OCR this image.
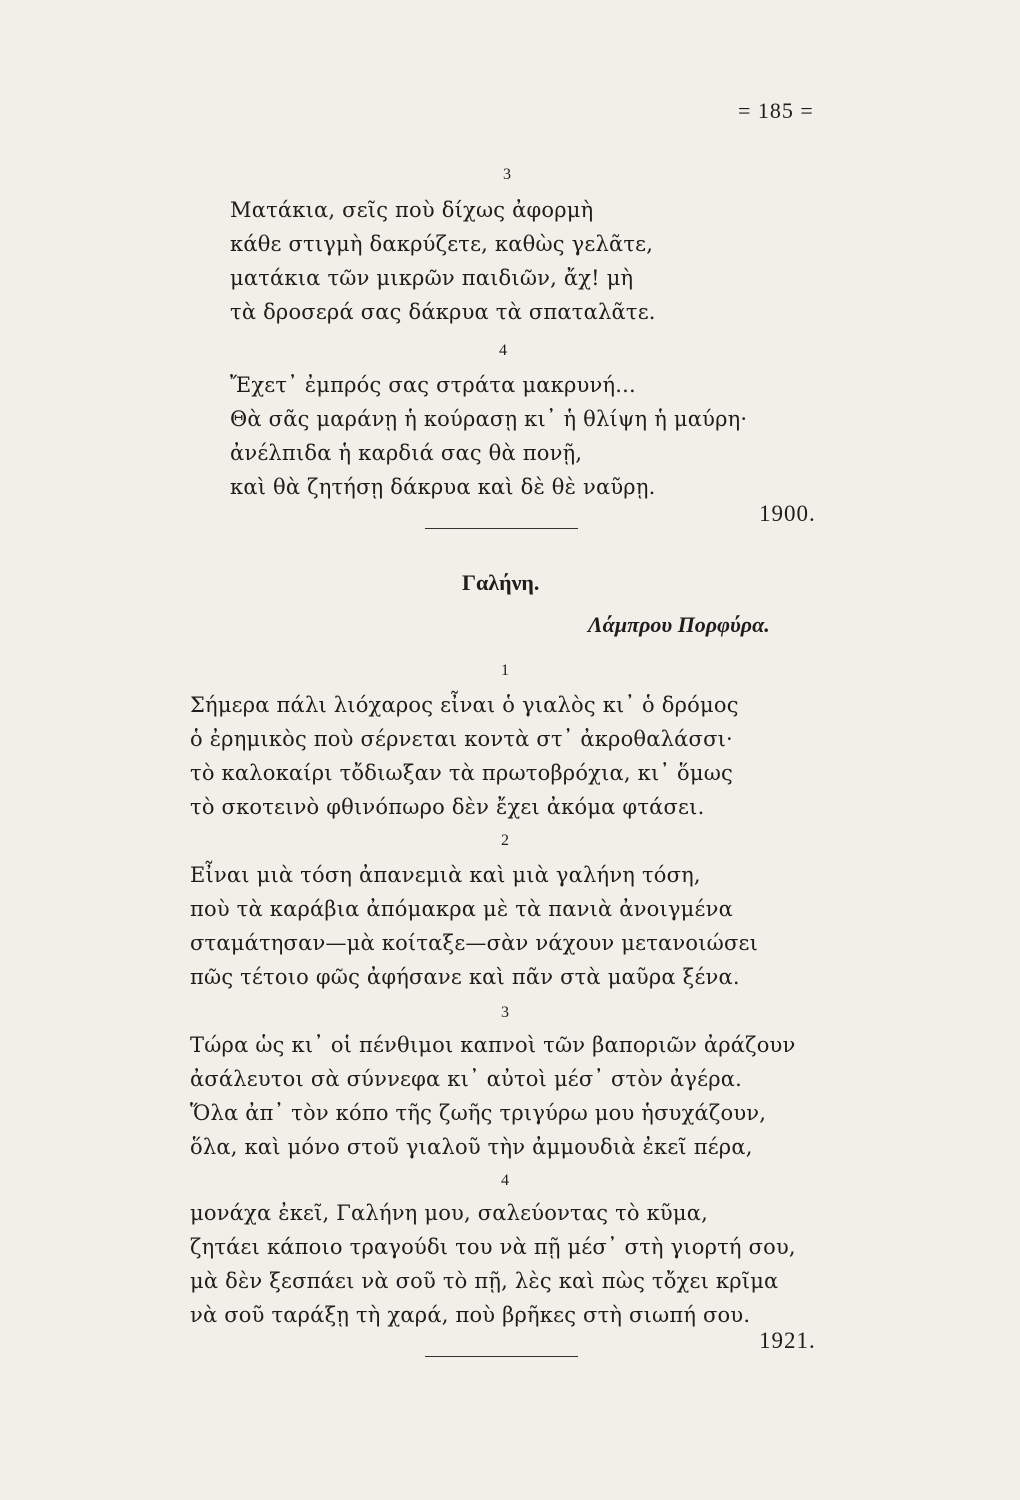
= 185 =
3
Ματάκια, σεῖς ποὺ δίχως ἀφορμὴ
κάθε στιγμὴ δακρύζετε, καθὼς γελᾶτε,
ματάκια τῶν μικρῶν παιδιῶν, ἄχ! μὴ
τὰ δροσερά σας δάκρυα τὰ σπαταλᾶτε.
4
Ἔχετ᾿ ἐμπρός σας στράτα μακρυνή...
Θὰ σᾶς μαράνῃ ἡ κούρασῃ κι᾿ ἡ θλίψη ἡ μαύρη·
ἀνέλπιδα ἡ καρδιά σας θὰ πονῇ,
καὶ θὰ ζητήσῃ δάκρυα καὶ δὲ θὲ ναῦρῃ.
1900.
Γαλήνη.
Λάμπρου Πορφύρα.
1
Σήμερα πάλι λιόχαρος εἶναι ὁ γιαλὸς κι᾿ ὁ δρόμος
ὁ ἐρημικὸς ποὺ σέρνεται κοντὰ στ᾿ ἀκροθαλάσσι·
τὸ καλοκαίρι τὄδιωξαν τὰ πρωτοβρόχια, κι᾿ ὅμως
τὸ σκοτεινὸ φθινόπωρο δὲν ἔχει ἀκόμα φτάσει.
2
Εἶναι μιὰ τόση ἀπανεμιὰ καὶ μιὰ γαλήνη τόση,
ποὺ τὰ καράβια ἀπόμακρα μὲ τὰ πανιὰ ἀνοιγμένα
σταμάτησαν—μὰ κοίταξε—σὰν νάχουν μετανοιώσει
πῶς τέτοιο φῶς ἀφήσανε καὶ πᾶν στὰ μαῦρα ξένα.
3
Τώρα ὡς κι᾿ οἱ πένθιμοι καπνοὶ τῶν βαποριῶν ἀράζουν
ἀσάλευτοι σὰ σύννεφα κι᾿ αὐτοὶ μέσ᾿ στὸν ἀγέρα.
Ὅλα ἀπ᾿ τὸν κόπο τῆς ζωῆς τριγύρω μου ἡσυχάζουν,
ὅλα, καὶ μόνο στοῦ γιαλοῦ τὴν ἀμμουδιὰ ἐκεῖ πέρα,
4
μονάχα ἐκεῖ, Γαλήνη μου, σαλεύοντας τὸ κῦμα,
ζητάει κάποιο τραγούδι του νὰ πῇ μέσ᾿ στὴ γιορτή σου,
μὰ δὲν ξεσπάει νὰ σοῦ τὸ πῇ, λὲς καὶ πὼς τὄχει κρῖμα
νὰ σοῦ ταράξῃ τὴ χαρά, ποὺ βρῆκες στὴ σιωπή σου.
1921.
